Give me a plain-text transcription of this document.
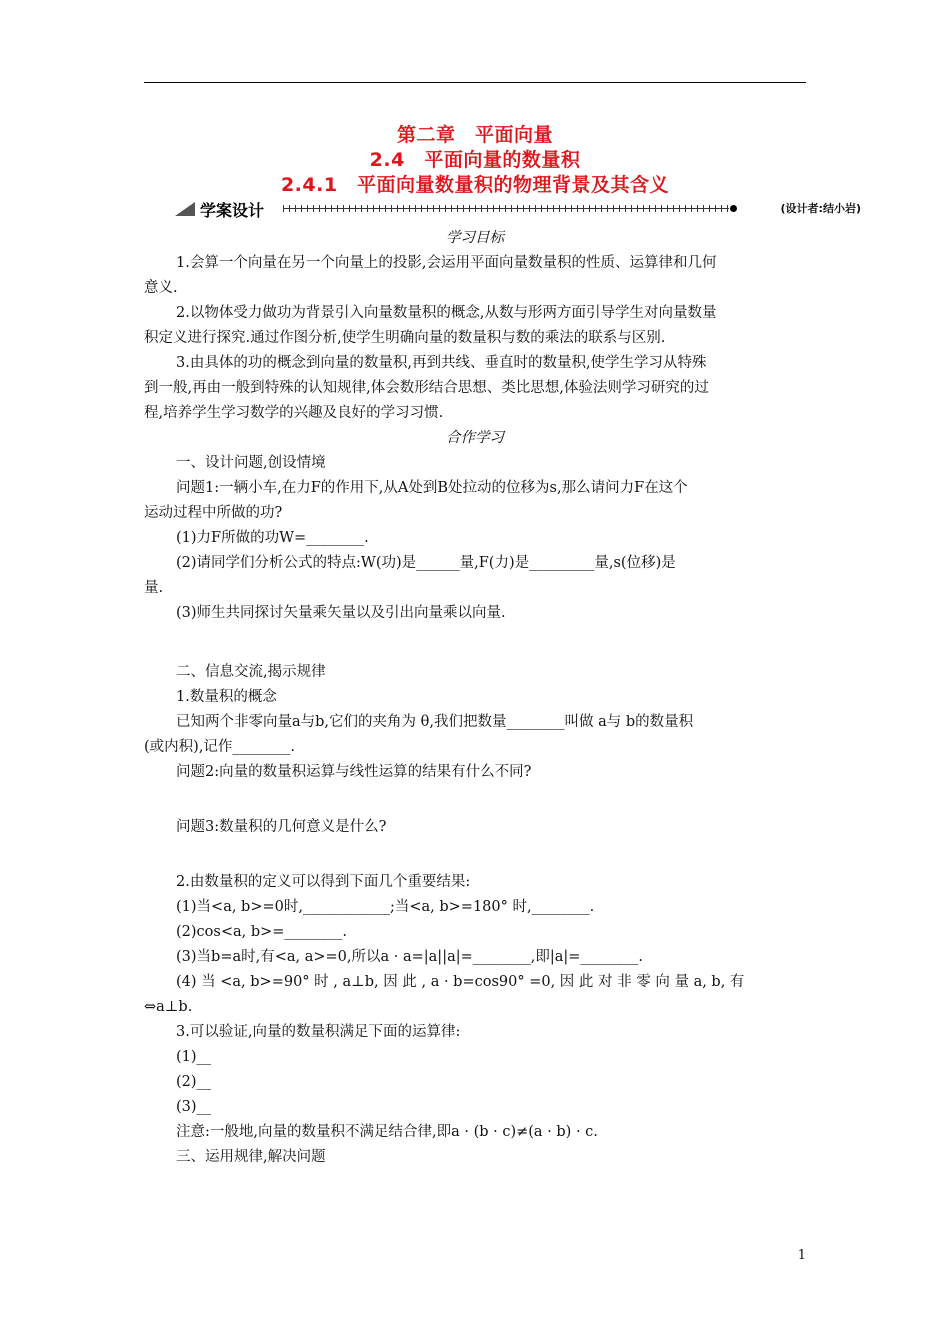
第二章　平面向量
2.4　平面向量的数量积
2.4.1　平面向量数量积的物理背景及其含义
学案设计	(设计者:结小岩)
学习目标
1.会算一个向量在另一个向量上的投影,会运用平面向量数量积的性质、运算律和几何
意义.
2.以物体受力做功为背景引入向量数量积的概念,从数与形两方面引导学生对向量数量
积定义进行探究.通过作图分析,使学生明确向量的数量积与数的乘法的联系与区别.
3.由具体的功的概念到向量的数量积,再到共线、垂直时的数量积,使学生学习从特殊
到一般,再由一般到特殊的认知规律,体会数形结合思想、类比思想,体验法则学习研究的过
程,培养学生学习数学的兴趣及良好的学习习惯.
合作学习
一、设计问题,创设情境
问题1:一辆小车,在力F的作用下,从A处到B处拉动的位移为s,那么请问力F在这个
运动过程中所做的功?
(1)力F所做的功W=________.
(2)请同学们分析公式的特点:W(功)是______量,F(力)是_________量,s(位移)是
量.
(3)师生共同探讨矢量乘矢量以及引出向量乘以向量.
二、信息交流,揭示规律
1.数量积的概念
已知两个非零向量a与b,它们的夹角为 θ,我们把数量________叫做 a与 b的数量积
(或内积),记作________.
问题2:向量的数量积运算与线性运算的结果有什么不同?
问题3:数量积的几何意义是什么?
2.由数量积的定义可以得到下面几个重要结果:
(1)当<a, b>=0时,____________;当<a, b>=180° 时,________.
(2)cos<a, b>=________.
(3)当b=a时,有<a, a>=0,所以a · a=|a||a|=________,即|a|=________.
(4) 当 <a, b>=90° 时 , a⊥b, 因 此 , a · b=cos90° =0, 因 此 对 非 零 向 量 a, b, 有
⇔a⊥b.
3.可以验证,向量的数量积满足下面的运算律:
(1)__
(2)__
(3)__
注意:一般地,向量的数量积不满足结合律,即a · (b · c)≠(a · b) · c.
三、运用规律,解决问题
1
